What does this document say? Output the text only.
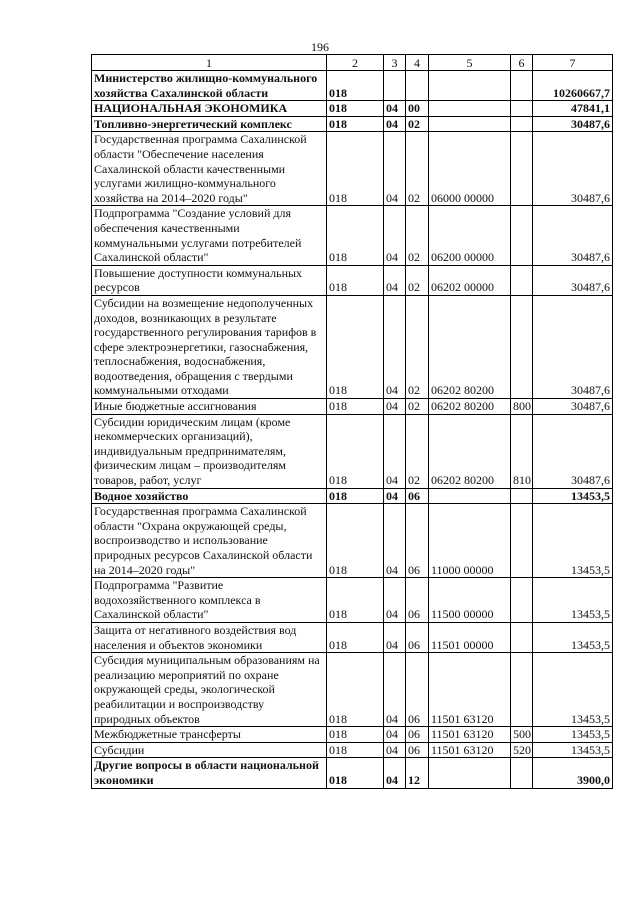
196
1	2	3	4	5	6	7
Министерство жилищно-коммунального хозяйства Сахалинской области	018					10260667,7
НАЦИОНАЛЬНАЯ ЭКОНОМИКА	018	04	00			47841,1
Топливно-энергетический комплекс	018	04	02			30487,6
Государственная программа Сахалинской области "Обеспечение населения Сахалинской области качественными услугами жилищно-коммунального хозяйства на 2014–2020 годы"	018	04	02	06000 00000		30487,6
Подпрограмма "Создание условий для обеспечения качественными коммунальными услугами потребителей Сахалинской области"	018	04	02	06200 00000		30487,6
Повышение доступности коммунальных ресурсов	018	04	02	06202 00000		30487,6
Субсидии на возмещение недополученных доходов, возникающих в результате государственного регулирования тарифов в сфере электроэнергетики, газоснабжения, теплоснабжения, водоснабжения, водоотведения, обращения с твердыми коммунальными отходами	018	04	02	06202 80200		30487,6
Иные бюджетные ассигнования	018	04	02	06202 80200	800	30487,6
Субсидии юридическим лицам (кроме некоммерческих организаций), индивидуальным предпринимателям, физическим лицам – производителям товаров, работ, услуг	018	04	02	06202 80200	810	30487,6
Водное хозяйство	018	04	06			13453,5
Государственная программа Сахалинской области "Охрана окружающей среды, воспроизводство и использование природных ресурсов Сахалинской области на 2014–2020 годы"	018	04	06	11000 00000		13453,5
Подпрограмма "Развитие водохозяйственного комплекса в Сахалинской области"	018	04	06	11500 00000		13453,5
Защита от негативного воздействия вод населения и объектов экономики	018	04	06	11501 00000		13453,5
Субсидия муниципальным образованиям на реализацию мероприятий по охране окружающей среды, экологической реабилитации и воспроизводству природных объектов	018	04	06	11501 63120		13453,5
Межбюджетные трансферты	018	04	06	11501 63120	500	13453,5
Субсидии	018	04	06	11501 63120	520	13453,5
Другие вопросы в области национальной экономики	018	04	12			3900,0
